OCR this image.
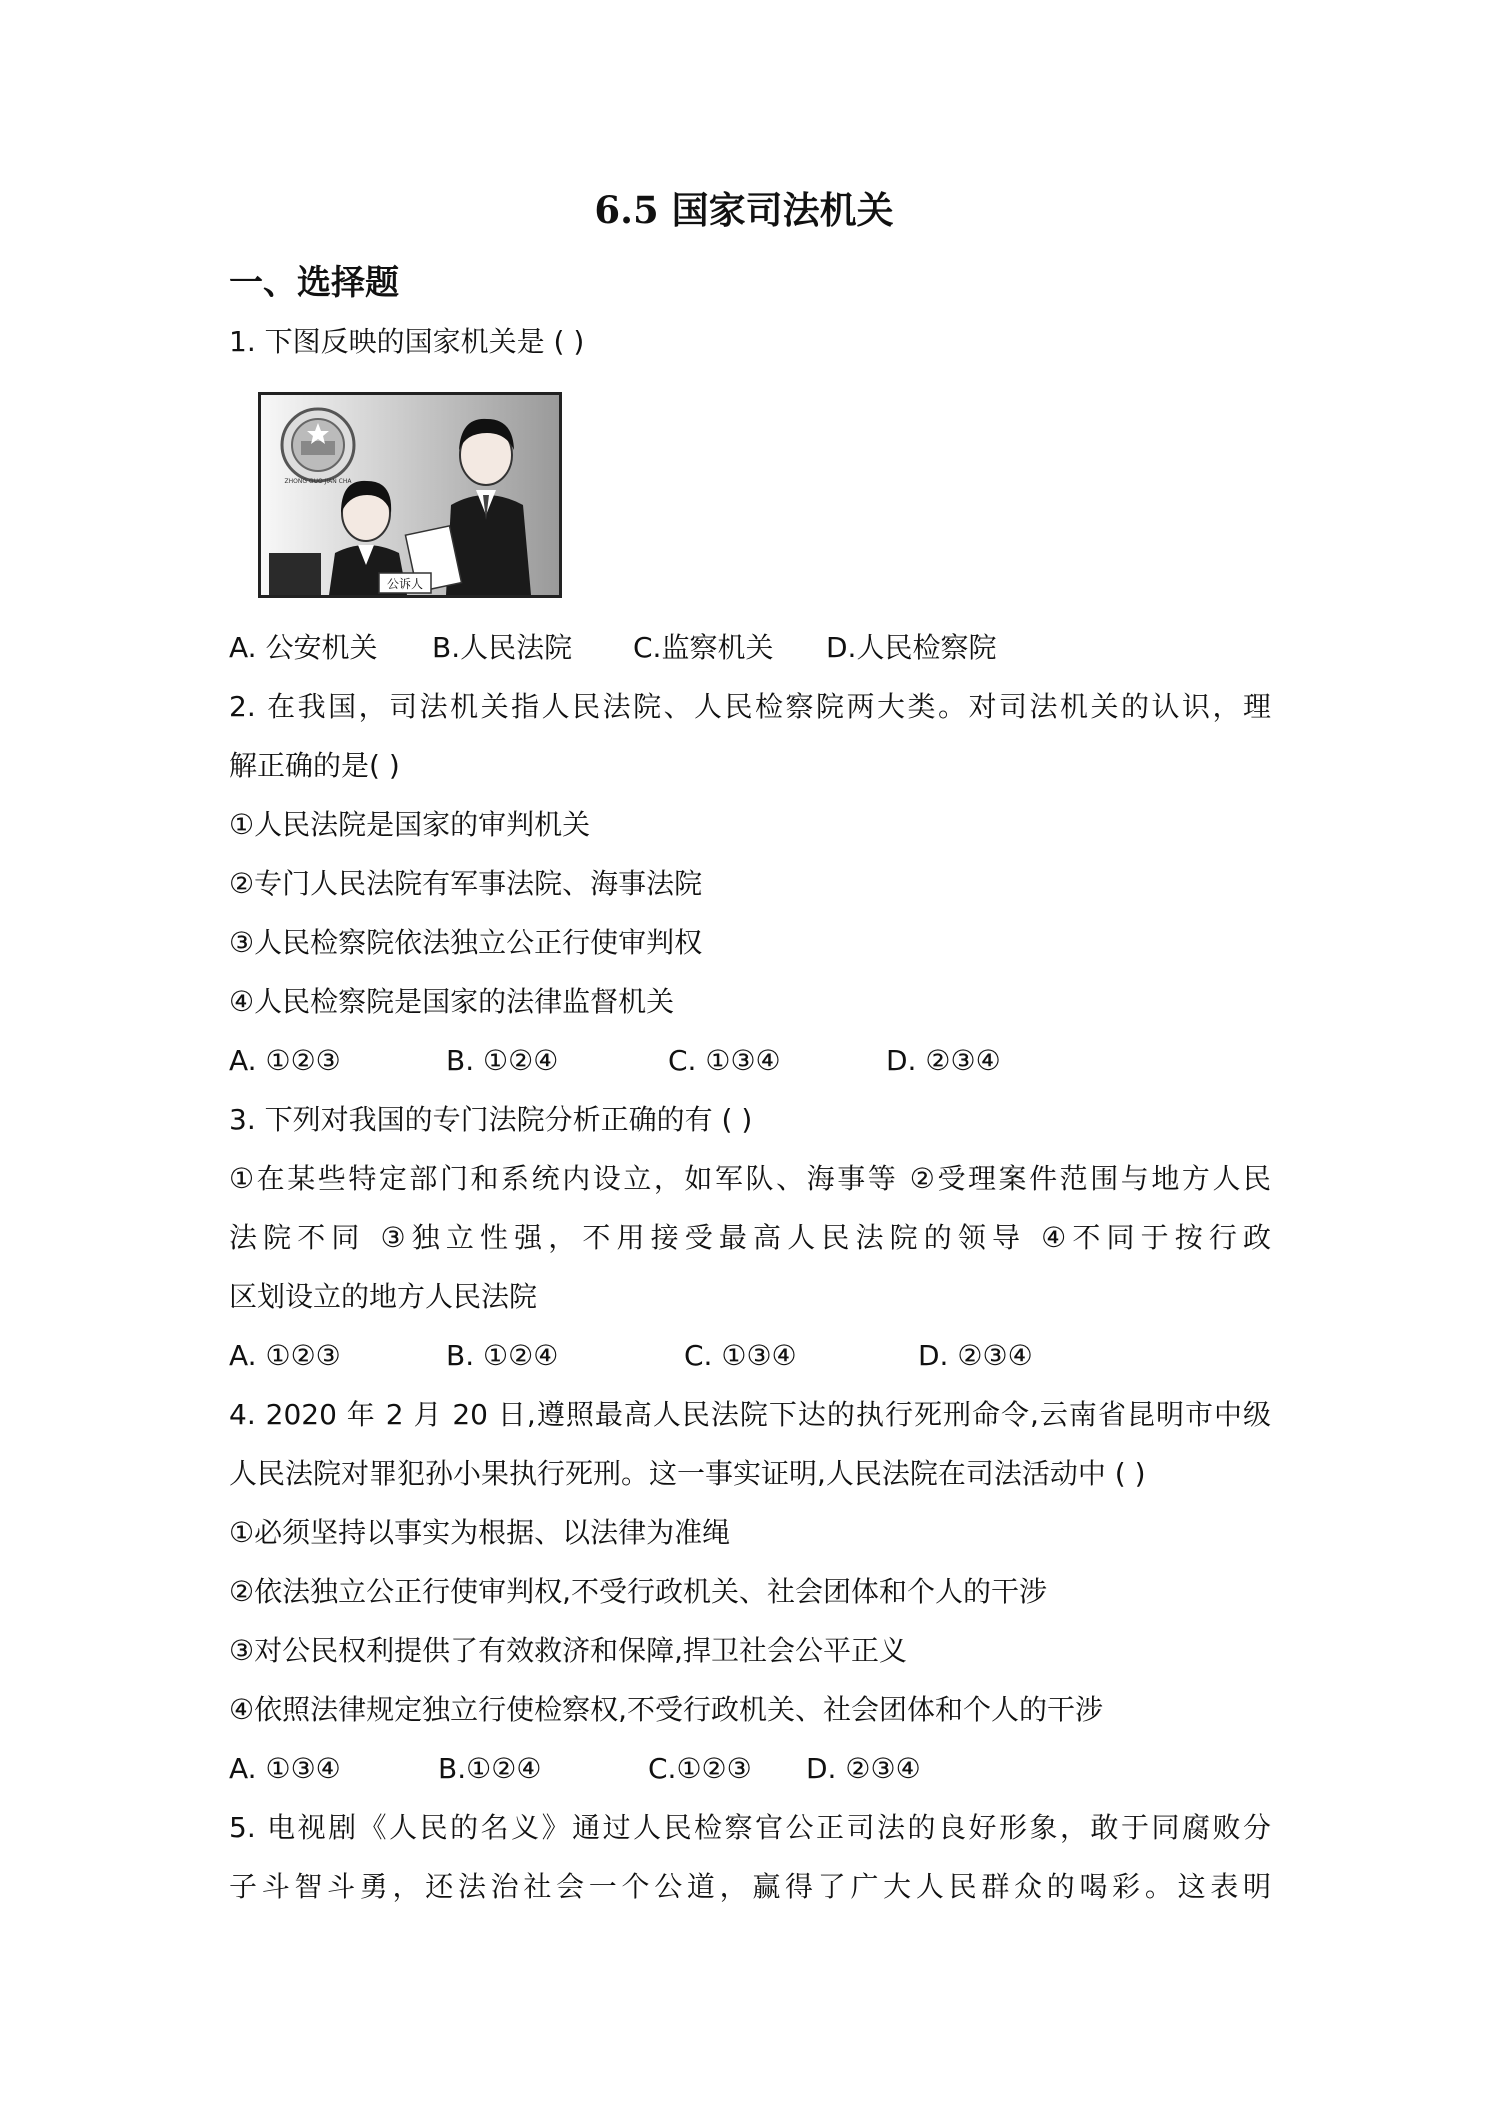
6.5 国家司法机关
一、选择题
1. 下图反映的国家机关是 ( )
ZHONG GUO JIAN CHA
公诉人
A. 公安机关 B.人民法院 C.监察机关 D.人民检察院
2. 在我国，司法机关指人民法院、人民检察院两大类。对司法机关的认识，理
解正确的是( )
①人民法院是国家的审判机关
②专门人民法院有军事法院、海事法院
③人民检察院依法独立公正行使审判权
④人民检察院是国家的法律监督机关
A. ①②③	B. ①②④	C. ①③④	D. ②③④
3. 下列对我国的专门法院分析正确的有 ( )
①在某些特定部门和系统内设立，如军队、海事等 ②受理案件范围与地方人民
法院不同 ③独立性强，不用接受最高人民法院的领导 ④不同于按行政
区划设立的地方人民法院
A. ①②③	B. ①②④	C. ①③④	D. ②③④
4. 2020 年 2 月 20 日,遵照最高人民法院下达的执行死刑命令,云南省昆明市中级
人民法院对罪犯孙小果执行死刑。这一事实证明,人民法院在司法活动中 ( )
①必须坚持以事实为根据、以法律为准绳
②依法独立公正行使审判权,不受行政机关、社会团体和个人的干涉
③对公民权利提供了有效救济和保障,捍卫社会公平正义
④依照法律规定独立行使检察权,不受行政机关、社会团体和个人的干涉
A. ①③④	B.①②④	C.①②③ D. ②③④
5. 电视剧《人民的名义》通过人民检察官公正司法的良好形象，敢于同腐败分
子斗智斗勇，还法治社会一个公道，赢得了广大人民群众的喝彩。这表明
